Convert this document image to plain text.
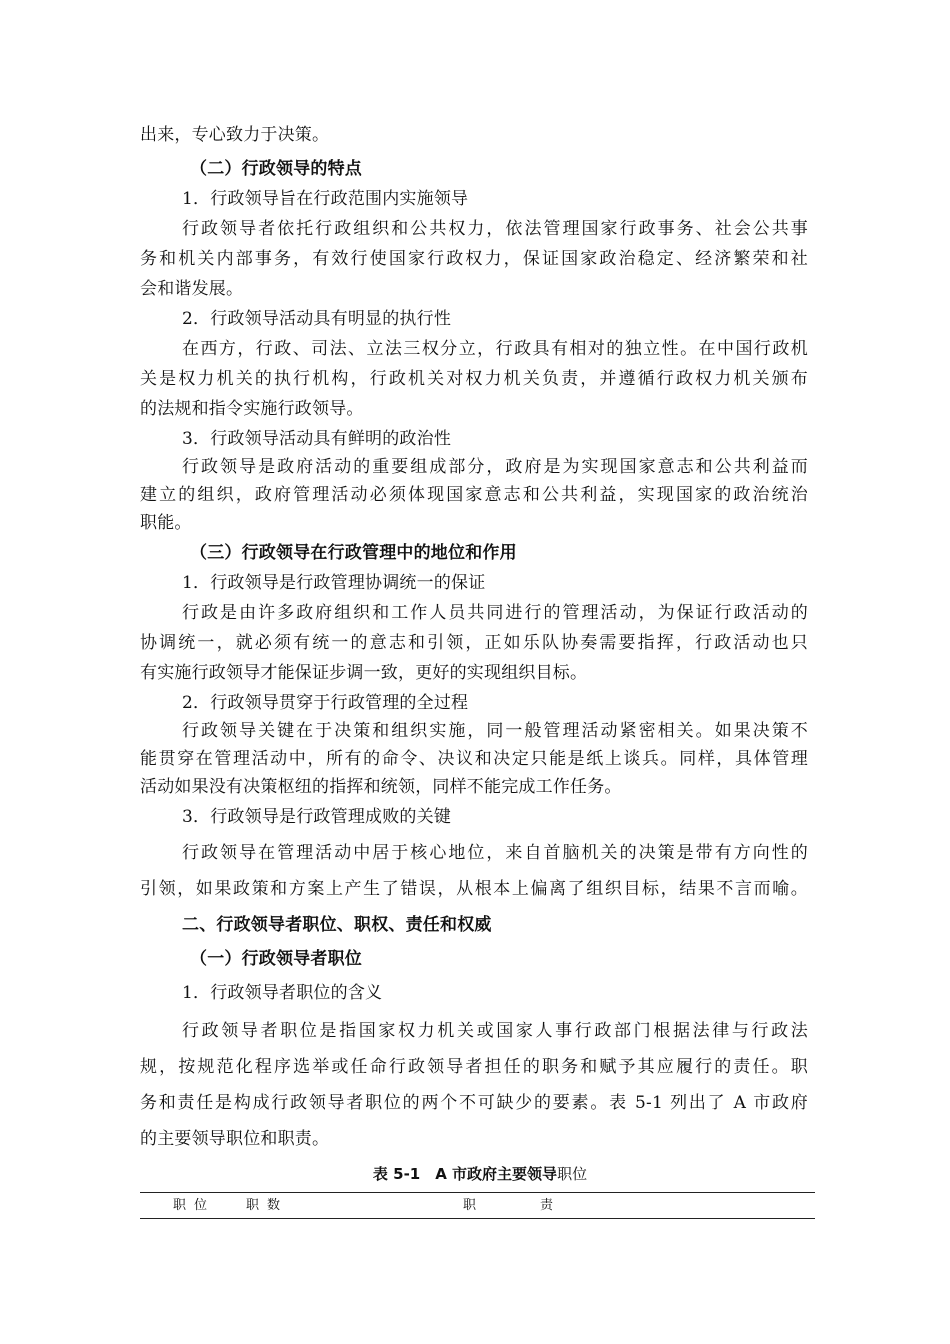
出来，专心致力于决策。
（二）行政领导的特点
1．行政领导旨在行政范围内实施领导
行政领导者依托行政组织和公共权力，依法管理国家行政事务、社会公共事
务和机关内部事务，有效行使国家行政权力，保证国家政治稳定、经济繁荣和社
会和谐发展。
2．行政领导活动具有明显的执行性
在西方，行政、司法、立法三权分立，行政具有相对的独立性。在中国行政机
关是权力机关的执行机构，行政机关对权力机关负责，并遵循行政权力机关颁布
的法规和指令实施行政领导。
3．行政领导活动具有鲜明的政治性
行政领导是政府活动的重要组成部分，政府是为实现国家意志和公共利益而
建立的组织，政府管理活动必须体现国家意志和公共利益，实现国家的政治统治
职能。
（三）行政领导在行政管理中的地位和作用
1．行政领导是行政管理协调统一的保证
行政是由许多政府组织和工作人员共同进行的管理活动，为保证行政活动的
协调统一，就必须有统一的意志和引领，正如乐队协奏需要指挥，行政活动也只
有实施行政领导才能保证步调一致，更好的实现组织目标。
2．行政领导贯穿于行政管理的全过程
行政领导关键在于决策和组织实施，同一般管理活动紧密相关。如果决策不
能贯穿在管理活动中，所有的命令、决议和决定只能是纸上谈兵。同样，具体管理
活动如果没有决策枢纽的指挥和统领，同样不能完成工作任务。
3．行政领导是行政管理成败的关键
行政领导在管理活动中居于核心地位，来自首脑机关的决策是带有方向性的
引领，如果政策和方案上产生了错误，从根本上偏离了组织目标，结果不言而喻。
二、行政领导者职位、职权、责任和权威
（一）行政领导者职位
1．行政领导者职位的含义
行政领导者职位是指国家权力机关或国家人事行政部门根据法律与行政法
规，按规范化程序选举或任命行政领导者担任的职务和赋予其应履行的责任。职
务和责任是构成行政领导者职位的两个不可缺少的要素。表 5-1 列出了 A 市政府
的主要领导职位和职责。
表 5-1　A 市政府主要领导职位
职位 职数	职责
